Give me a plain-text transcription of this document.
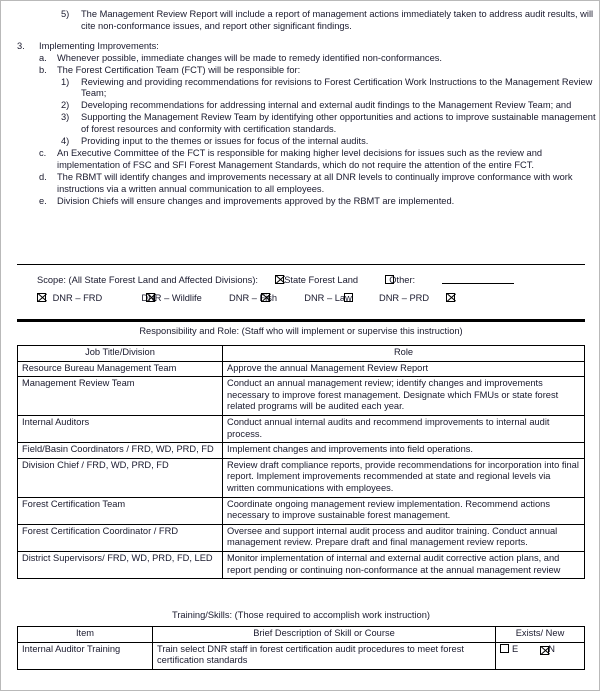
5)	The Management Review Report will include a report of management actions immediately taken to address audit results, will cite non-conformance issues, and report other significant findings.
3.	Implementing Improvements:
a.	Whenever possible, immediate changes will be made to remedy identified non-conformances.
b.	The Forest Certification Team (FCT) will be responsible for:
1)	Reviewing and providing recommendations for revisions to Forest Certification Work Instructions to the Management Review Team;
2)	Developing recommendations for addressing internal and external audit findings to the Management Review Team; and
3)	Supporting the Management Review Team by identifying other opportunities and actions to improve sustainable management of forest resources and conformity with certification standards.
4)	Providing input to the themes or issues for focus of the internal audits.
c.	An Executive Committee of the FCT is responsible for making higher level decisions for issues such as the review and implementation of FSC and SFI Forest Management Standards, which do not require the attention of the entire FCT.
d.	The RBMT will identify changes and improvements necessary at all DNR levels to continually improve conformance with work instructions via a written annual communication to all employees.
e.	Division Chiefs will ensure changes and improvements approved by the RBMT are implemented.
Scope: (All State Forest Land and Affected Divisions):	State Forest Land	Other:
DNR – FRD	DNR – Wildlife	DNR – Fish	DNR – Law	DNR – PRD
Responsibility and Role: (Staff who will implement or supervise this instruction)
Job Title/Division	Role
Resource Bureau Management Team	Approve the annual Management Review Report
Management Review Team	Conduct an annual management review; identify changes and improvements necessary to improve forest management. Designate which FMUs or state forest related programs will be audited each year.
Internal Auditors	Conduct annual internal audits and recommend improvements to internal audit process.
Field/Basin Coordinators / FRD, WD, PRD, FD	Implement changes and improvements into field operations.
Division Chief / FRD, WD, PRD, FD	Review draft compliance reports, provide recommendations for incorporation into final report. Implement improvements recommended at state and regional levels via written communications with employees.
Forest Certification Team	Coordinate ongoing management review implementation. Recommend actions necessary to improve sustainable forest management.
Forest Certification Coordinator / FRD	Oversee and support internal audit process and auditor training. Conduct annual management review. Prepare draft and final management review reports.
District Supervisors/ FRD, WD, PRD, FD, LED	Monitor implementation of internal and external audit corrective action plans, and report pending or continuing non-conformance at the annual management review
Training/Skills: (Those required to accomplish work instruction)
Item	Brief Description of Skill or Course	Exists/ New
Internal Auditor Training	Train select DNR staff in forest certification audit procedures to meet forest certification standards	E N
